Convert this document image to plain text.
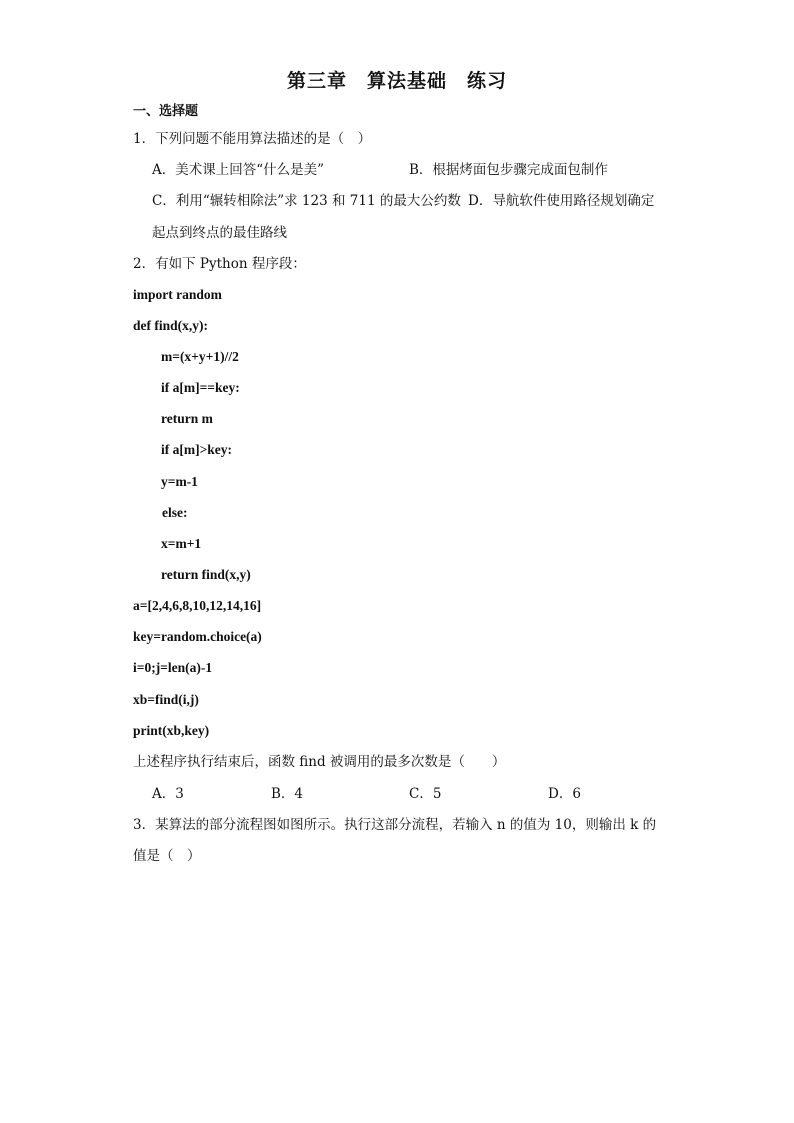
第三章　算法基础　练习
一、选择题
1．下列问题不能用算法描述的是（　）
A．美术课上回答“什么是美”	B．根据烤面包步骤完成面包制作
C．利用“辗转相除法”求 123 和 711 的最大公约数 D．导航软件使用路径规划确定
起点到终点的最佳路线
2．有如下 Python 程序段：
import random
def find(x,y):
m=(x+y+1)//2
if a[m]==key:
return m
if a[m]>key:
y=m-1
else:
x=m+1
return find(x,y)
a=[2,4,6,8,10,12,14,16]
key=random.choice(a)
i=0;j=len(a)-1
xb=find(i,j)
print(xb,key)
上述程序执行结束后，函数 find 被调用的最多次数是（　　）
A．3	B．4	C．5	D．6
3．某算法的部分流程图如图所示。执行这部分流程，若输入 n 的值为 10，则输出 k 的
值是（　）
